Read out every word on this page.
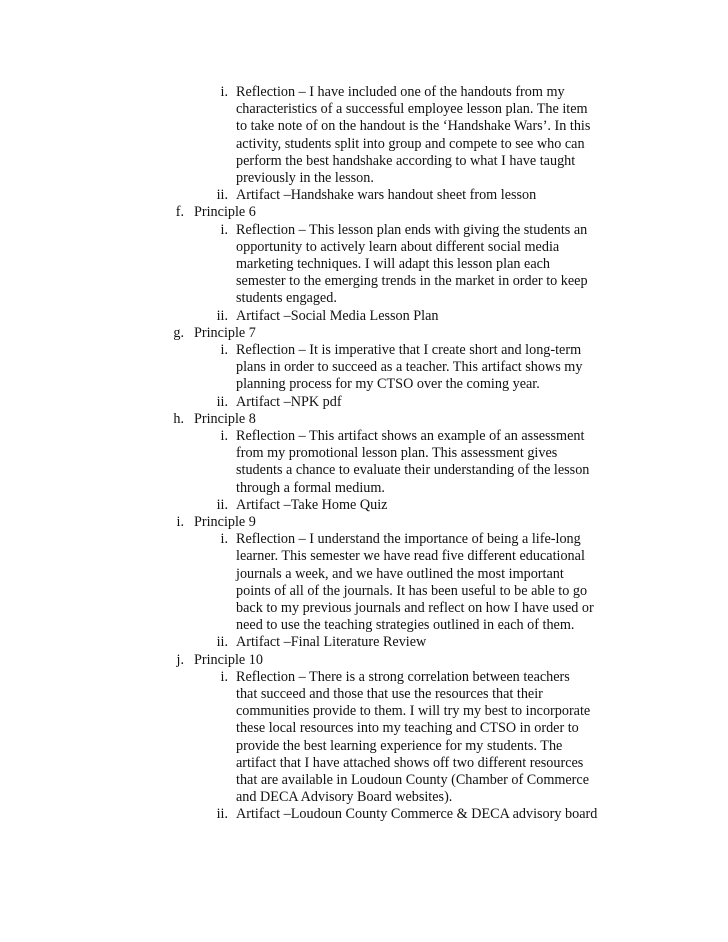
i. Reflection – I have included one of the handouts from my
characteristics of a successful employee lesson plan. The item
to take note of on the handout is the ‘Handshake Wars’. In this
activity, students split into group and compete to see who can
perform the best handshake according to what I have taught
previously in the lesson.
ii. Artifact –Handshake wars handout sheet from lesson
f. Principle 6
i. Reflection – This lesson plan ends with giving the students an
opportunity to actively learn about different social media
marketing techniques. I will adapt this lesson plan each
semester to the emerging trends in the market in order to keep
students engaged.
ii. Artifact –Social Media Lesson Plan
g. Principle 7
i. Reflection – It is imperative that I create short and long-term
plans in order to succeed as a teacher. This artifact shows my
planning process for my CTSO over the coming year.
ii. Artifact –NPK pdf
h. Principle 8
i. Reflection – This artifact shows an example of an assessment
from my promotional lesson plan. This assessment gives
students a chance to evaluate their understanding of the lesson
through a formal medium.
ii. Artifact –Take Home Quiz
i. Principle 9
i. Reflection – I understand the importance of being a life-long
learner. This semester we have read five different educational
journals a week, and we have outlined the most important
points of all of the journals. It has been useful to be able to go
back to my previous journals and reflect on how I have used or
need to use the teaching strategies outlined in each of them.
ii. Artifact –Final Literature Review
j. Principle 10
i. Reflection – There is a strong correlation between teachers
that succeed and those that use the resources that their
communities provide to them. I will try my best to incorporate
these local resources into my teaching and CTSO in order to
provide the best learning experience for my students. The
artifact that I have attached shows off two different resources
that are available in Loudoun County (Chamber of Commerce
and DECA Advisory Board websites).
ii. Artifact –Loudoun County Commerce & DECA advisory board
